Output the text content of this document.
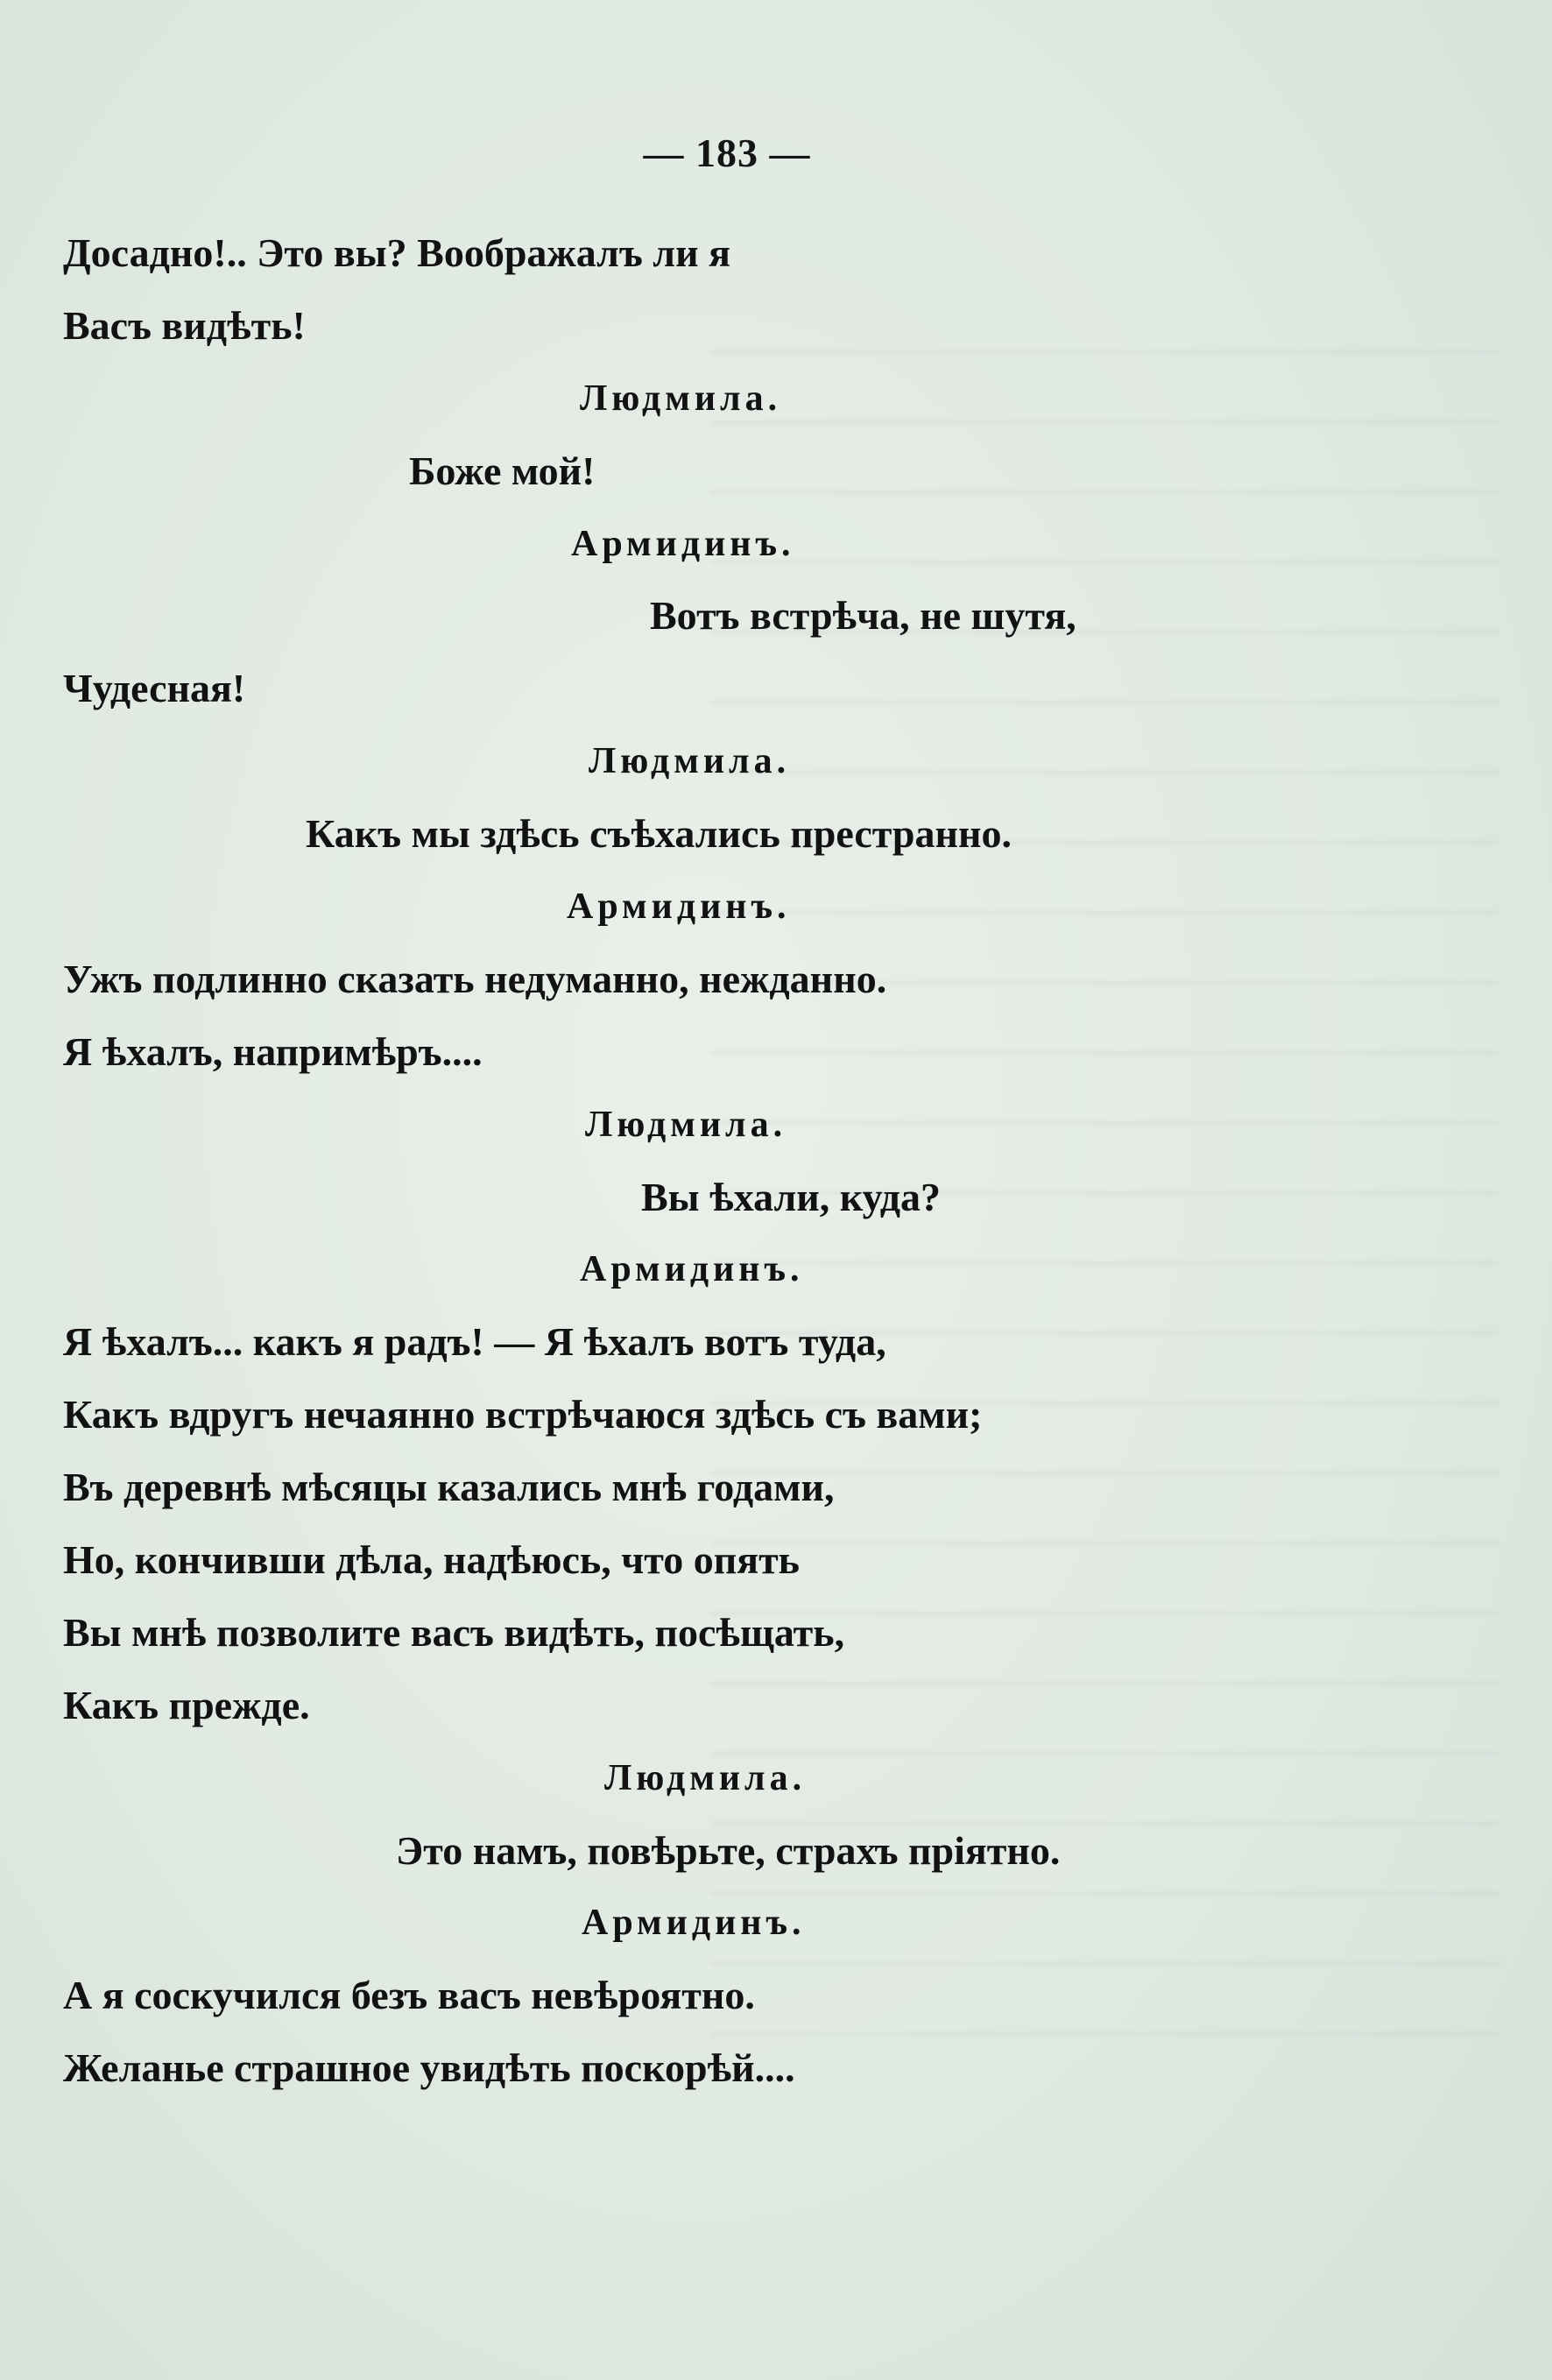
— 183 —
Досадно!.. Это вы? Воображалъ ли я
Васъ видѣть!
Людмила.
Боже мой!
Армидинъ.
Вотъ встрѣча, не шутя,
Чудесная!
Людмила.
Какъ мы здѣсь съѣхались престранно.
Армидинъ.
Ужъ подлинно сказать недуманно, нежданно.
Я ѣхалъ, напримѣръ....
Людмила.
Вы ѣхали, куда?
Армидинъ.
Я ѣхалъ... какъ я радъ! — Я ѣхалъ вотъ туда,
Какъ вдругъ нечаянно встрѣчаюся здѣсь съ вами;
Въ деревнѣ мѣсяцы казались мнѣ годами,
Но, кончивши дѣла, надѣюсь, что опять
Вы мнѣ позволите васъ видѣть, посѣщать,
Какъ прежде.
Людмила.
Это намъ, повѣрьте, страхъ пріятно.
Армидинъ.
А я соскучился безъ васъ невѣроятно.
Желанье страшное увидѣть поскорѣй....
